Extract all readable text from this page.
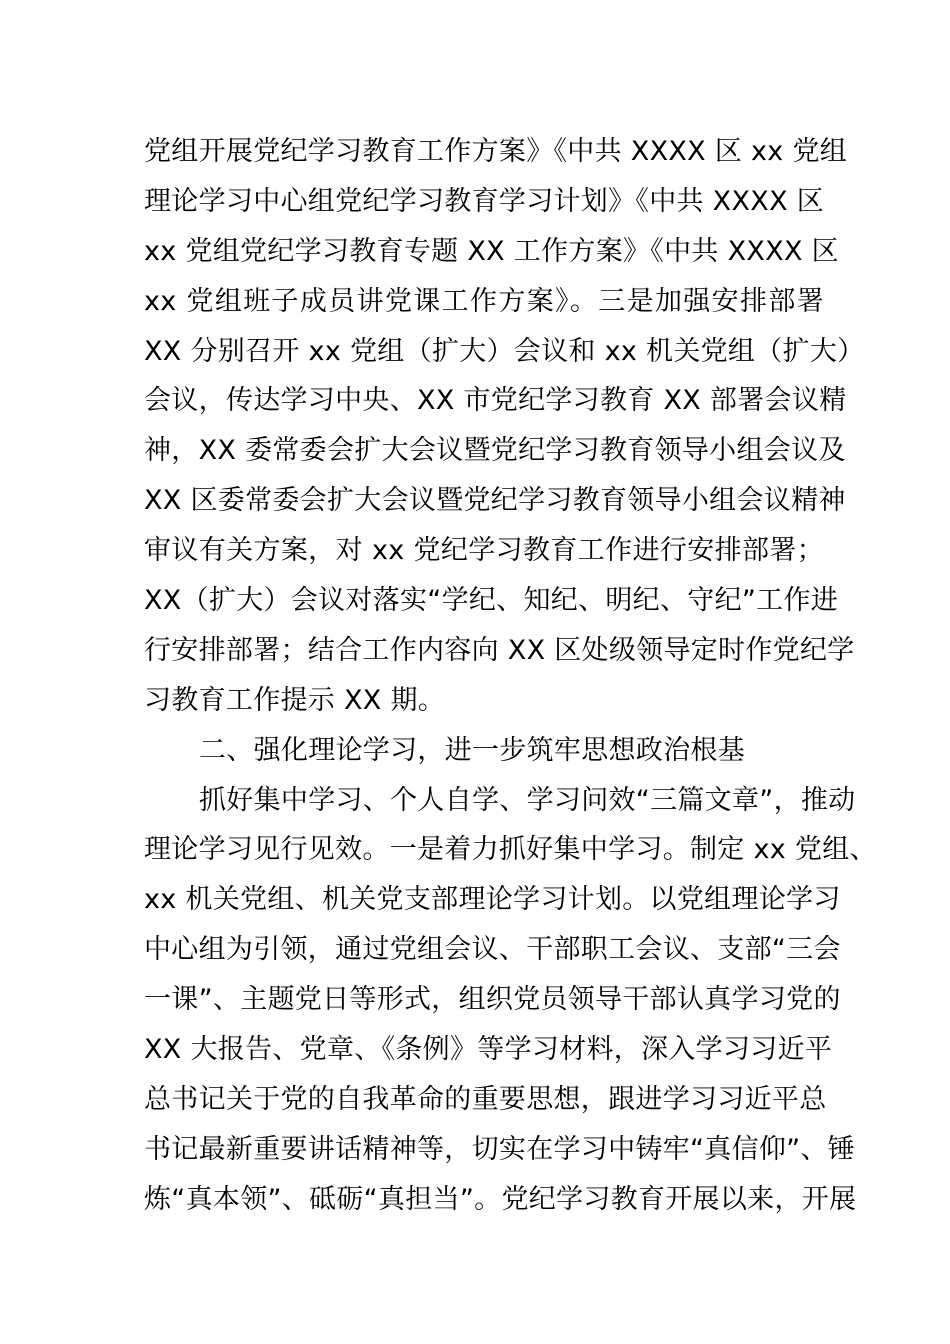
党组开展党纪学习教育工作方案》《中共 XXXX 区 xx 党组
理论学习中心组党纪学习教育学习计划》《中共 XXXX 区
xx 党组党纪学习教育专题 XX 工作方案》《中共 XXXX 区
xx 党组班子成员讲党课工作方案》。三是加强安排部署
XX 分别召开 xx 党组（扩大）会议和 xx 机关党组（扩大）
会议，传达学习中央、XX 市党纪学习教育 XX 部署会议精
神，XX 委常委会扩大会议暨党纪学习教育领导小组会议及
XX 区委常委会扩大会议暨党纪学习教育领导小组会议精神
审议有关方案，对 xx 党纪学习教育工作进行安排部署；
XX（扩大）会议对落实“学纪、知纪、明纪、守纪”工作进
行安排部署；结合工作内容向 XX 区处级领导定时作党纪学
习教育工作提示 XX 期。
二、强化理论学习，进一步筑牢思想政治根基
抓好集中学习、个人自学、学习问效“三篇文章”，推动
理论学习见行见效。一是着力抓好集中学习。制定 xx 党组、
xx 机关党组、机关党支部理论学习计划。以党组理论学习
中心组为引领，通过党组会议、干部职工会议、支部“三会
一课”、主题党日等形式，组织党员领导干部认真学习党的
XX 大报告、党章、《条例》等学习材料，深入学习习近平
总书记关于党的自我革命的重要思想，跟进学习习近平总
书记最新重要讲话精神等，切实在学习中铸牢“真信仰”、锤
炼“真本领”、砥砺“真担当”。党纪学习教育开展以来，开展
